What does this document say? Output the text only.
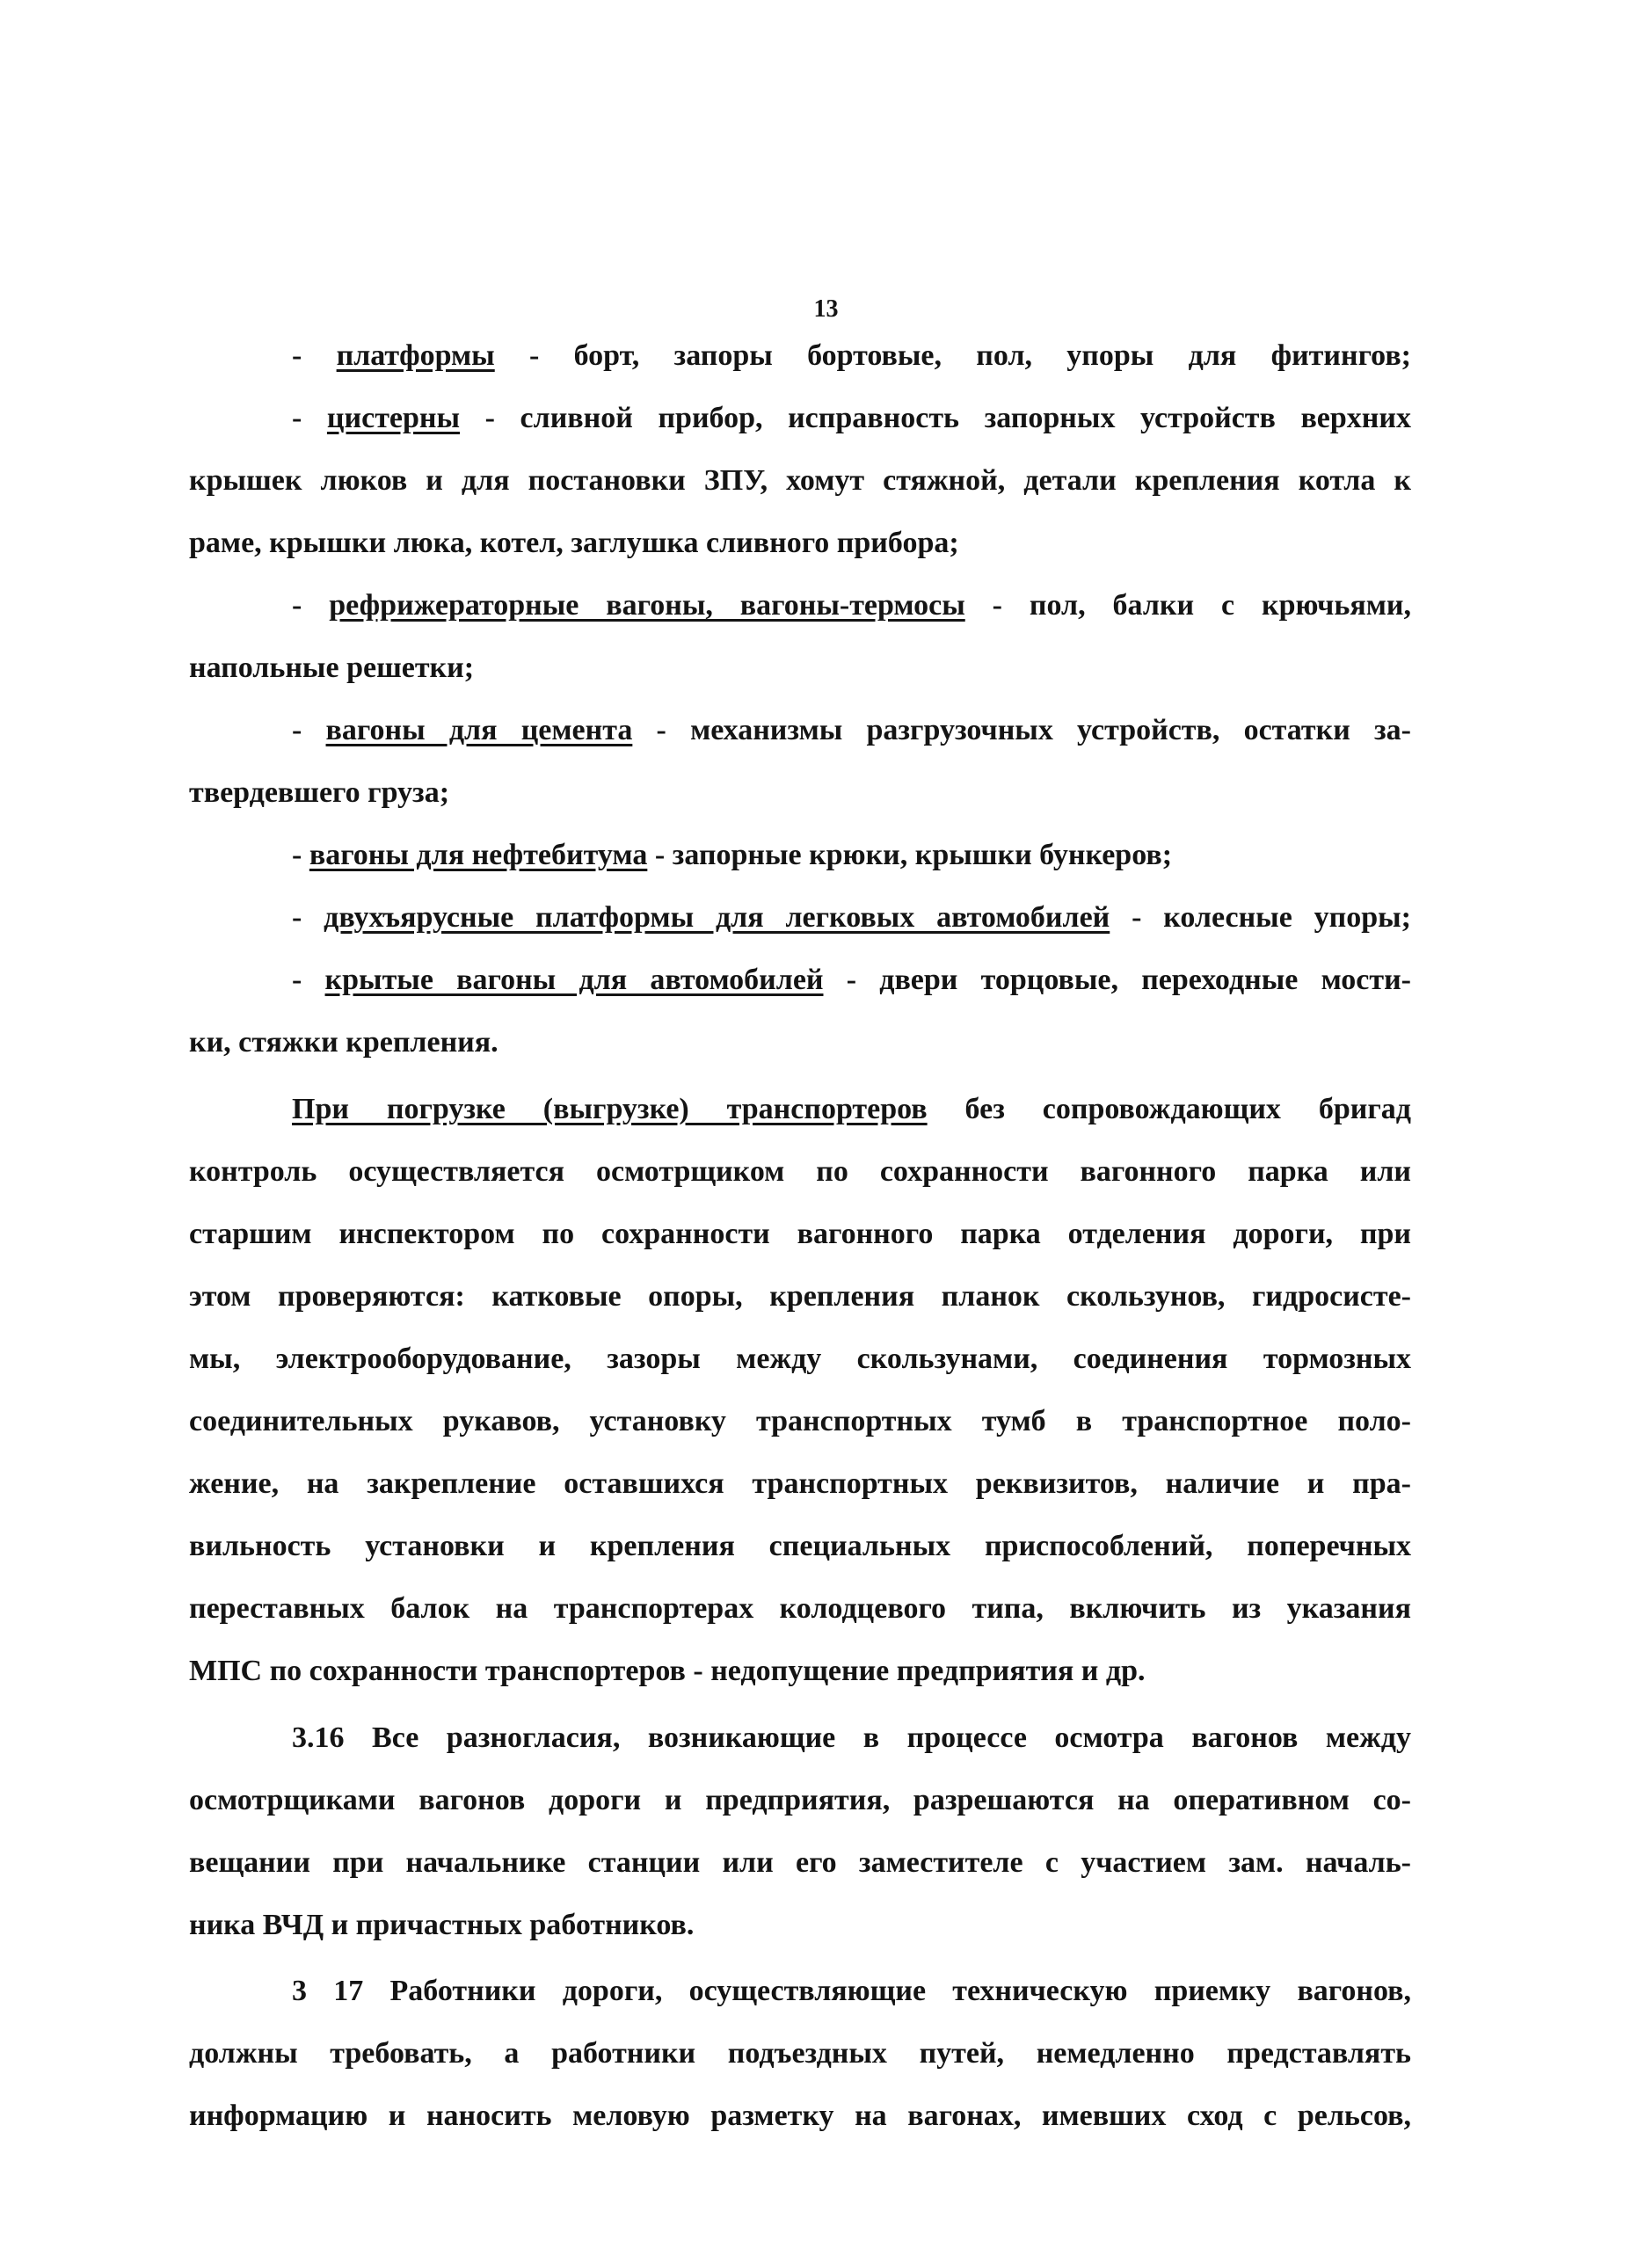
13
- платформы - борт, запоры бортовые, пол, упоры для фитингов;
- цистерны - сливной прибор, исправность запорных устройств верхних
крышек люков и для постановки ЗПУ, хомут стяжной, детали крепления котла к
раме, крышки люка, котел, заглушка сливного прибора;
- рефрижераторные вагоны, вагоны-термосы - пол, балки с крючьями,
напольные решетки;
- вагоны для цемента - механизмы разгрузочных устройств, остатки за-
твердевшего груза;
- вагоны для нефтебитума - запорные крюки, крышки бункеров;
- двухъярусные платформы для легковых автомобилей - колесные упоры;
- крытые вагоны для автомобилей - двери торцовые, переходные мости-
ки, стяжки крепления.
При погрузке (выгрузке) транспортеров без сопровождающих бригад
контроль осуществляется осмотрщиком по сохранности вагонного парка или
старшим инспектором по сохранности вагонного парка отделения дороги, при
этом проверяются: катковые опоры, крепления планок скользунов, гидросисте-
мы, электрооборудование, зазоры между скользунами, соединения тормозных
соединительных рукавов, установку транспортных тумб в транспортное поло-
жение, на закрепление оставшихся транспортных реквизитов, наличие и пра-
вильность установки и крепления специальных приспособлений, поперечных
переставных балок на транспортерах колодцевого типа, включить из указания
МПС по сохранности транспортеров - недопущение предприятия и др.
3.16 Все разногласия, возникающие в процессе осмотра вагонов между
осмотрщиками вагонов дороги и предприятия, разрешаются на оперативном со-
вещании при начальнике станции или его заместителе с участием зам. началь-
ника ВЧД и причастных работников.
3 17 Работники дороги, осуществляющие техническую приемку вагонов,
должны требовать, а работники подъездных путей, немедленно представлять
информацию и наносить меловую разметку на вагонах, имевших сход с рельсов,
